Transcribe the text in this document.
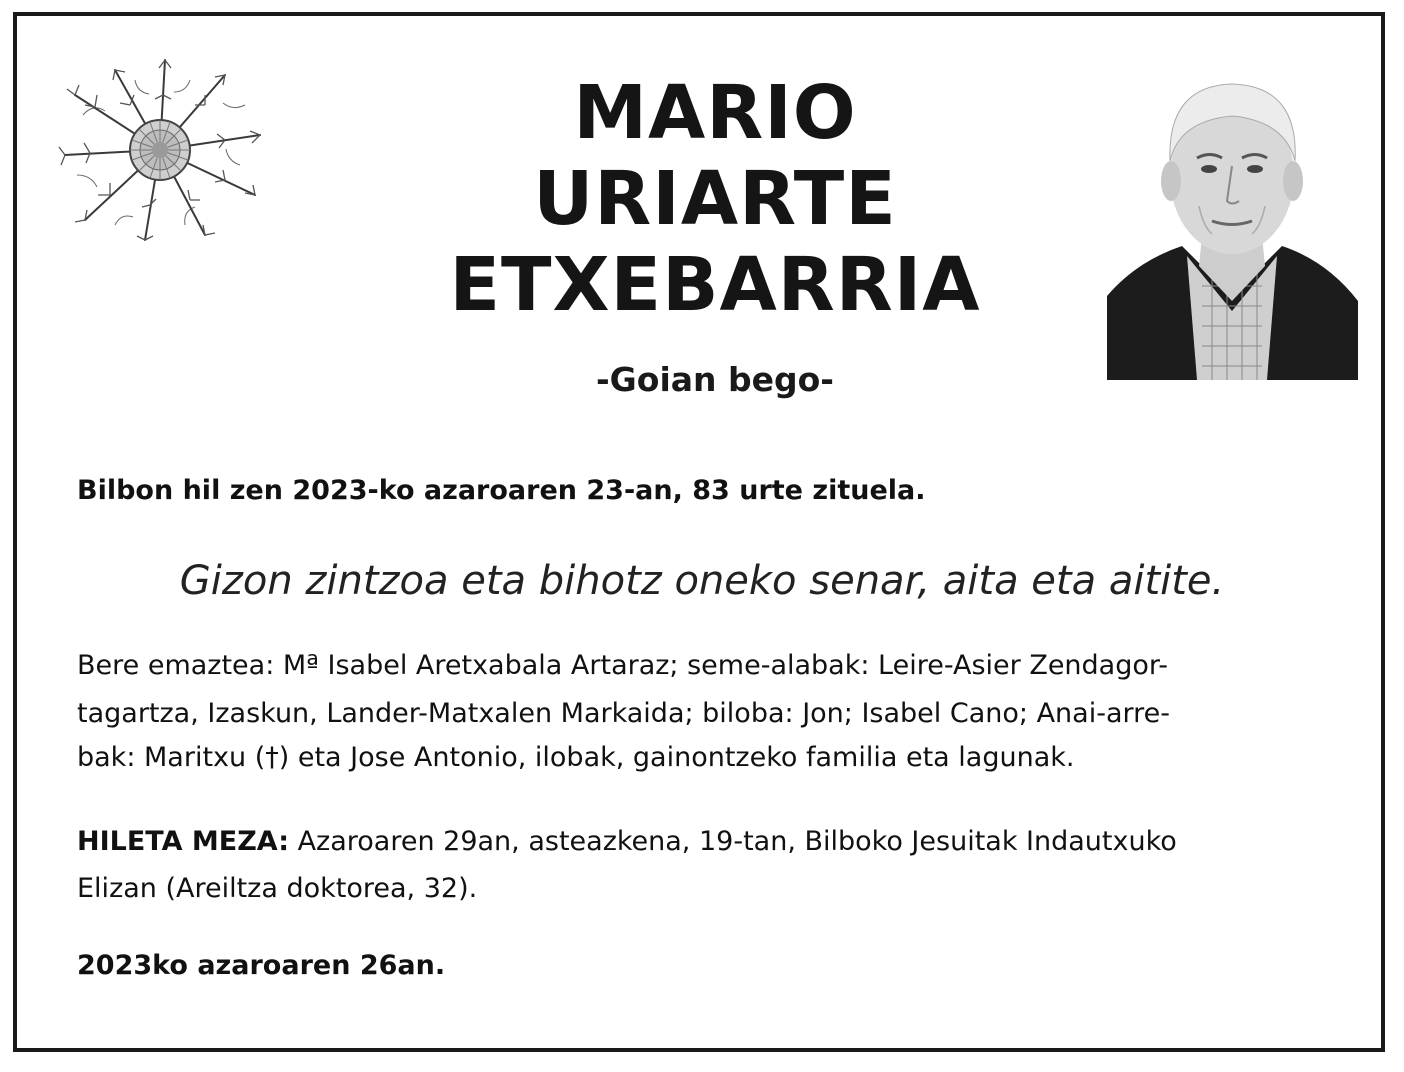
MARIO
URIARTE
ETXEBARRIA
-Goian bego-
Bilbon hil zen 2023-ko azaroaren 23-an, 83 urte zituela.
Gizon zintzoa eta bihotz oneko senar, aita eta aitite.
Bere emaztea: Mª Isabel Aretxabala Artaraz; seme-alabak: Leire-Asier Zendagor-
tagartza, Izaskun, Lander-Matxalen Markaida; biloba: Jon; Isabel Cano; Anai-arre-
bak: Maritxu (†) eta Jose Antonio, ilobak, gainontzeko familia eta lagunak.
HILETA MEZA: Azaroaren 29an, asteazkena, 19-tan, Bilboko Jesuitak Indautxuko
Elizan (Areiltza doktorea, 32).
2023ko azaroaren 26an.
